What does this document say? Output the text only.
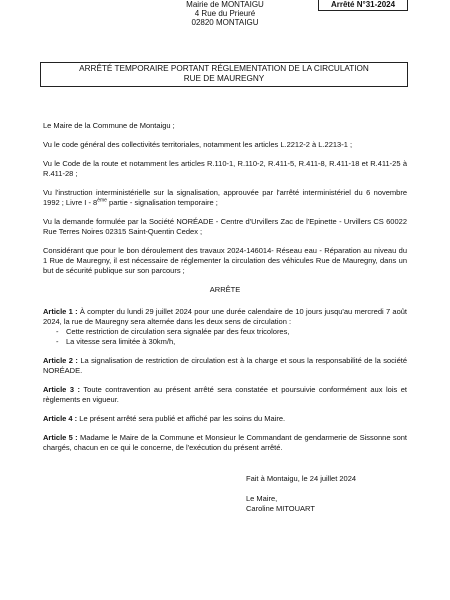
Mairie de MONTAIGU
4 Rue du Prieuré
02820 MONTAIGU
Arrêté N°31-2024
ARRÊTÉ TEMPORAIRE PORTANT RÉGLEMENTATION DE LA CIRCULATION
RUE DE MAUREGNY

Le Maire de la Commune de Montaigu ;

Vu le code général des collectivités territoriales, notamment les articles L.2212-2 à L.2213-1 ;

Vu le Code de la route et notamment les articles R.110-1, R.110-2, R.411-5, R.411-8, R.411-18 et R.411-25 à R.411-28 ;

Vu l'instruction interministérielle sur la signalisation, approuvée par l'arrêté interministériel du 6 novembre 1992 ; Livre I - 8ème partie - signalisation temporaire ;

Vu la demande formulée par la Société NORÉADE - Centre d'Urvillers Zac de l'Epinette - Urvillers CS 60022 Rue Terres Noires 02315 Saint-Quentin Cedex ;

Considérant que pour le bon déroulement des travaux 2024-146014- Réseau eau - Réparation au niveau du 1 Rue de Mauregny, il est nécessaire de réglementer la circulation des véhicules Rue de Mauregny, dans un but de sécurité publique sur son parcours ;

ARRÊTE

Article 1 : À compter du lundi 29 juillet 2024 pour une durée calendaire de 10 jours jusqu'au mercredi 7 août 2024, la rue de Mauregny sera alternée dans les deux sens de circulation :

- Cette restriction de circulation sera signalée par des feux tricolores,
- La vitesse sera limitée à 30km/h,

Article 2 : La signalisation de restriction de circulation est à la charge et sous la responsabilité de la société NORÉADE.

Article 3 : Toute contravention au présent arrêté sera constatée et poursuivie conformément aux lois et règlements en vigueur.

Article 4 : Le présent arrêté sera publié et affiché par les soins du Maire.

Article 5 : Madame le Maire de la Commune et Monsieur le Commandant de gendarmerie de Sissonne sont chargés, chacun en ce qui le concerne, de l'exécution du présent arrêté.

Fait à Montaigu, le 24 juillet 2024
Le Maire,
Caroline MITOUART
